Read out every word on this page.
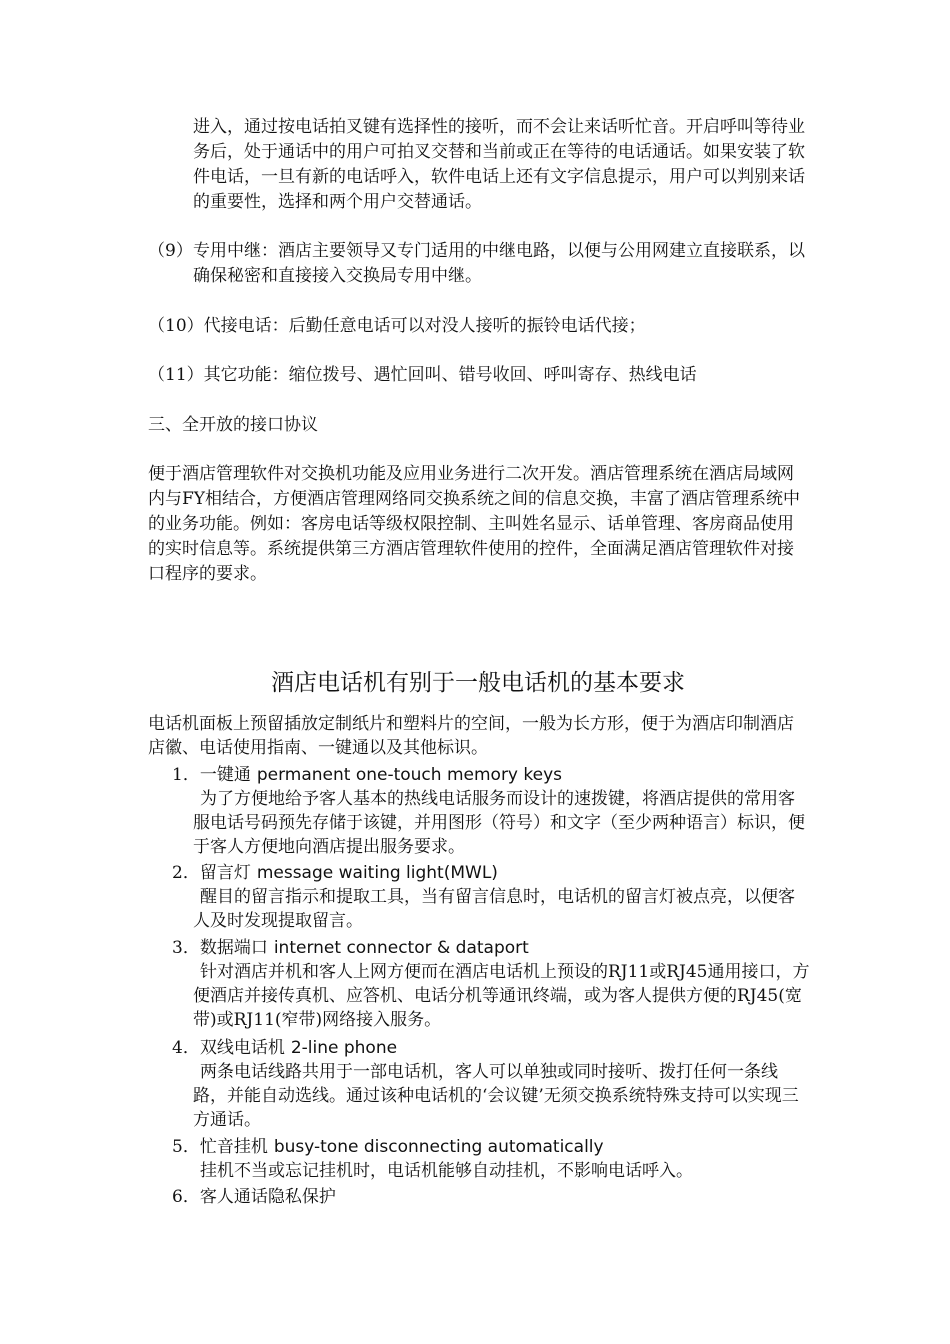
进入，通过按电话拍叉键有选择性的接听，而不会让来话听忙音。开启呼叫等待业务后，处于通话中的用户可拍叉交替和当前或正在等待的电话通话。如果安装了软件电话，一旦有新的电话呼入，软件电话上还有文字信息提示，用户可以判别来话的重要性，选择和两个用户交替通话。

（9） 专用中继：酒店主要领导又专门适用的中继电路，以便与公用网建立直接联系，以确保秘密和直接接入交换局专用中继。

（10）代接电话：后勤任意电话可以对没人接听的振铃电话代接；

（11）其它功能：缩位拨号、遇忙回叫、错号收回、呼叫寄存、热线电话

三、全开放的接口协议

便于酒店管理软件对交换机功能及应用业务进行二次开发。酒店管理系统在酒店局域网内与FY相结合，方便酒店管理网络同交换系统之间的信息交换，丰富了酒店管理系统中的业务功能。例如：客房电话等级权限控制、主叫姓名显示、话单管理、客房商品使用的实时信息等。系统提供第三方酒店管理软件使用的控件，全面满足酒店管理软件对接口程序的要求。

酒店电话机有别于一般电话机的基本要求

电话机面板上预留插放定制纸片和塑料片的空间，一般为长方形，便于为酒店印制酒店店徽、电话使用指南、一键通以及其他标识。

1．一键通 permanent one-touch memory keys

为了方便地给予客人基本的热线电话服务而设计的速拨键，将酒店提供的常用客服电话号码预先存储于该键，并用图形（符号）和文字（至少两种语言）标识，便于客人方便地向酒店提出服务要求。

2．留言灯 message waiting light(MWL)

醒目的留言指示和提取工具，当有留言信息时，电话机的留言灯被点亮，以便客人及时发现提取留言。

3．数据端口 internet connector & dataport

针对酒店并机和客人上网方便而在酒店电话机上预设的RJ11或RJ45通用接口，方便酒店并接传真机、应答机、电话分机等通讯终端，或为客人提供方便的RJ45(宽带)或RJ11(窄带)网络接入服务。

4．双线电话机 2-line phone

两条电话线路共用于一部电话机，客人可以单独或同时接听、拨打任何一条线路，并能自动选线。通过该种电话机的‘会议键’无须交换系统特殊支持可以实现三方通话。

5．忙音挂机 busy-tone disconnecting automatically

挂机不当或忘记挂机时，电话机能够自动挂机，不影响电话呼入。

6．客人通话隐私保护
